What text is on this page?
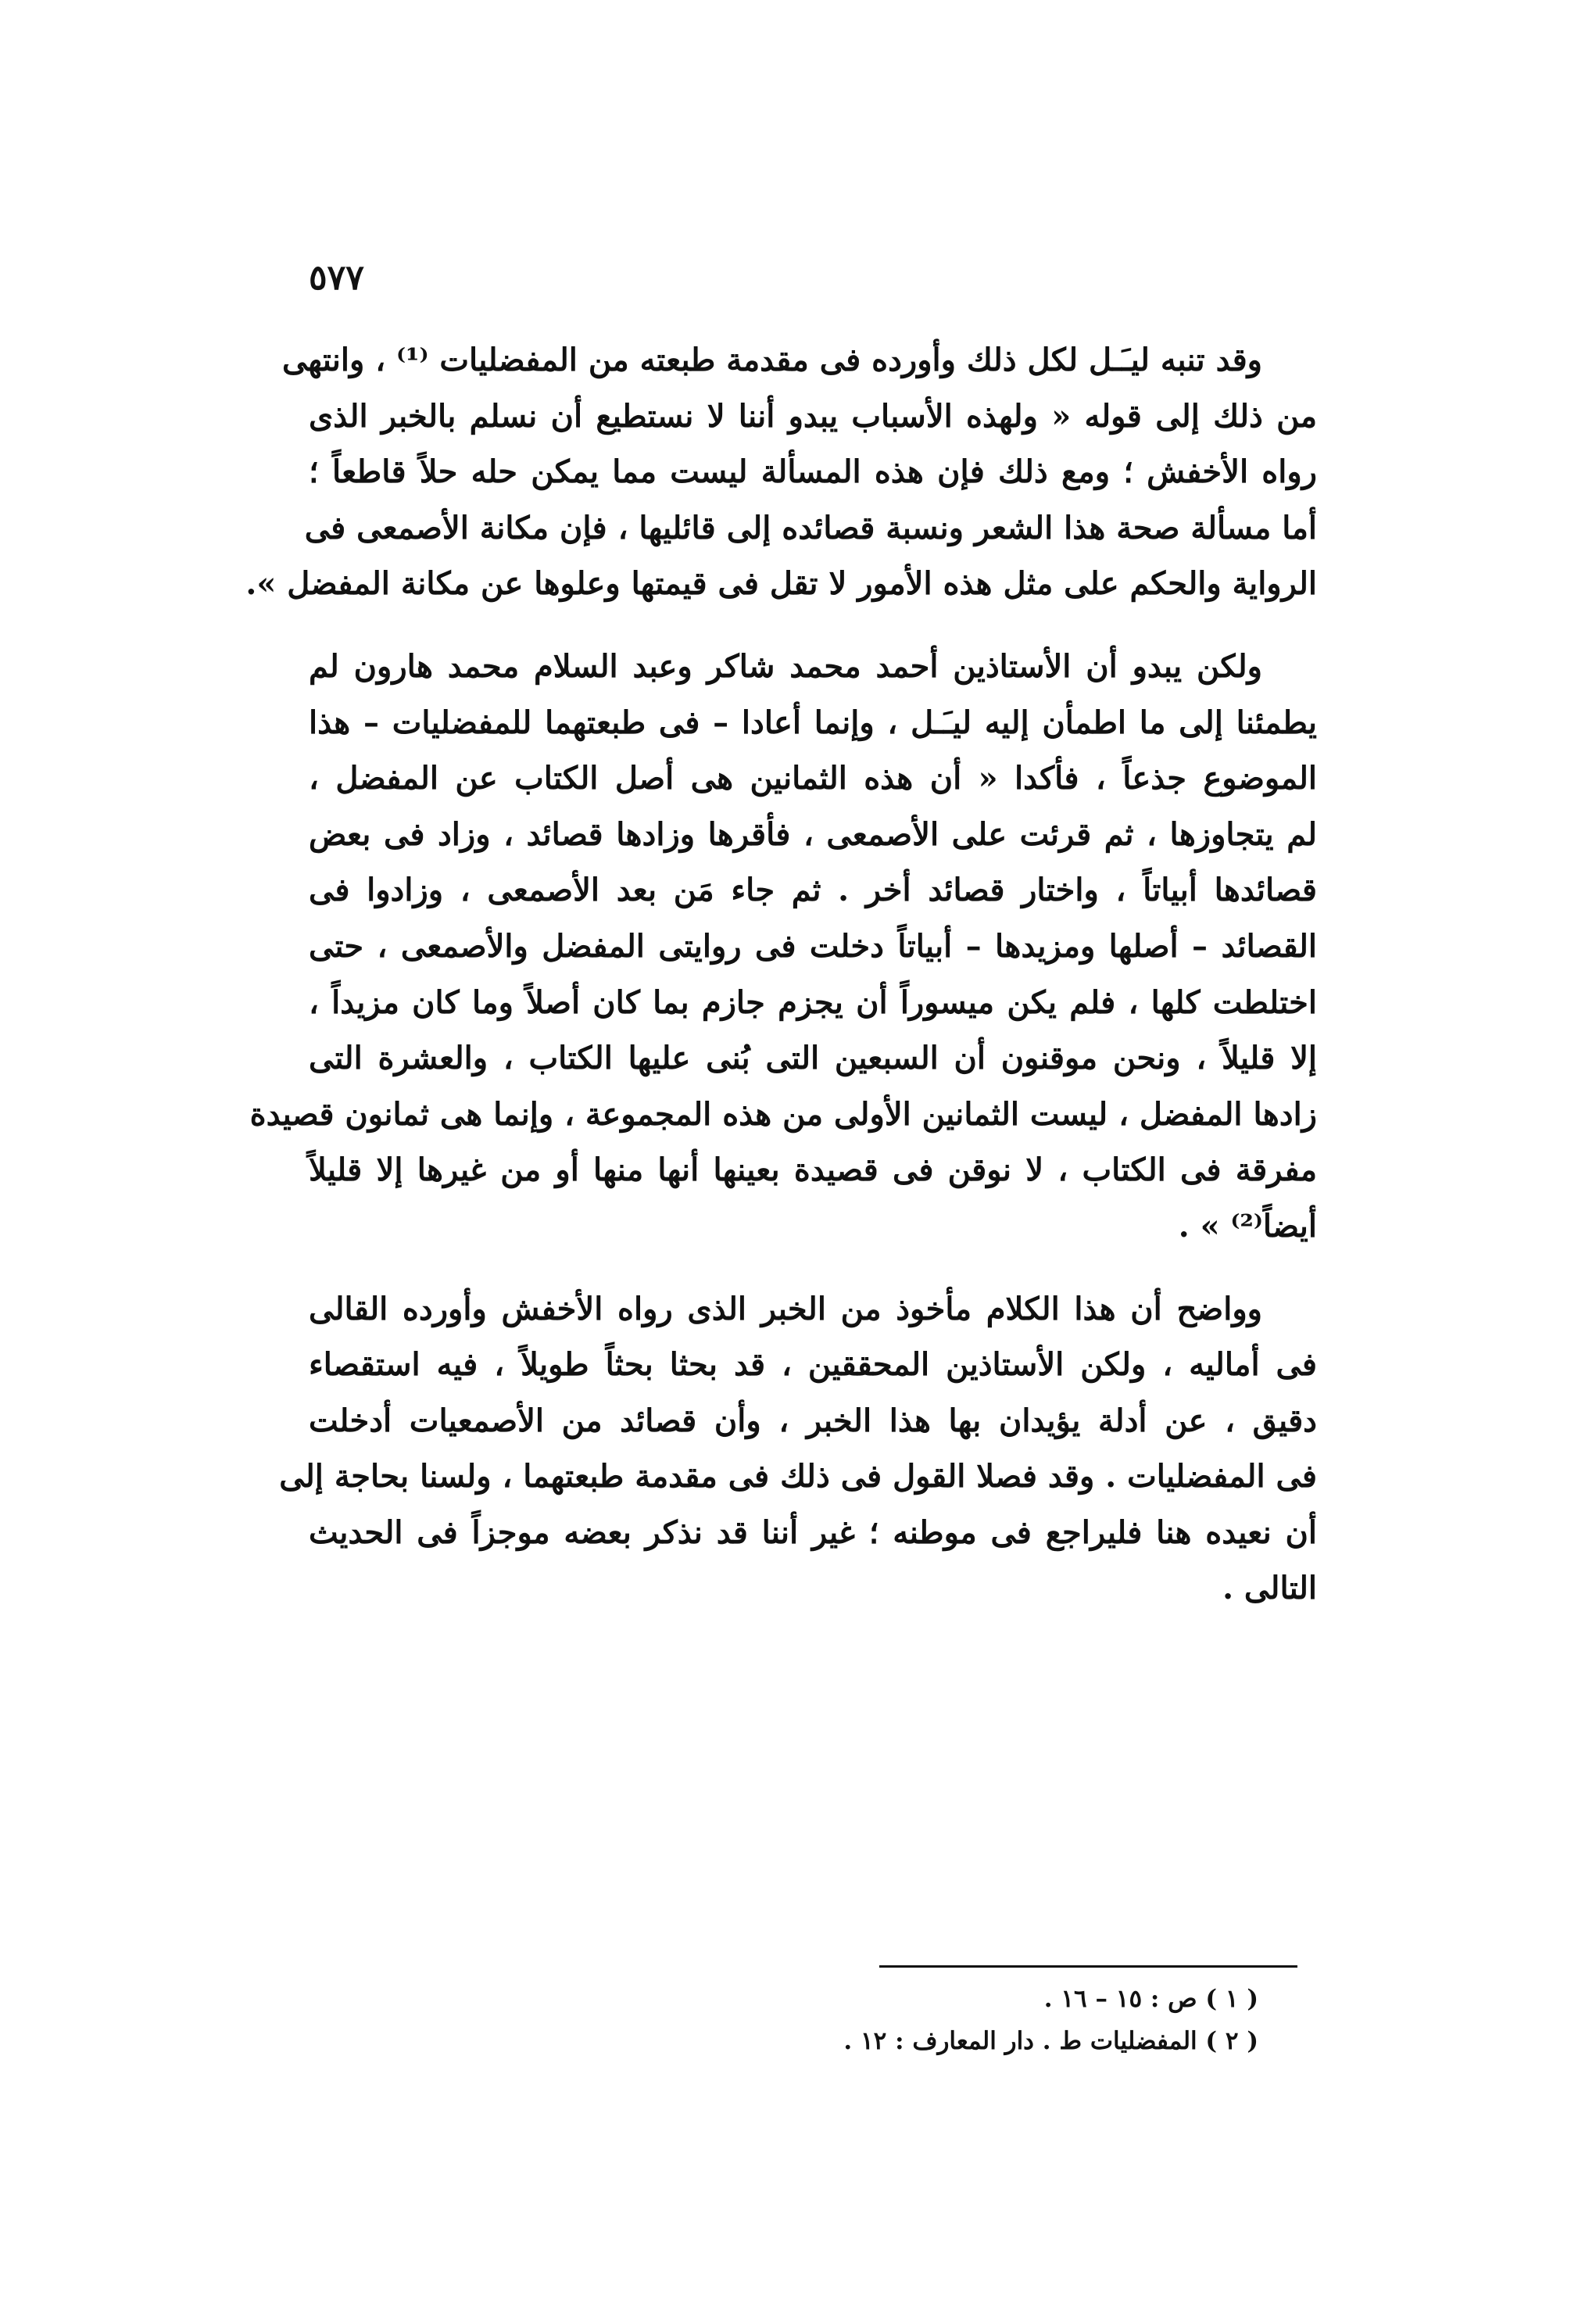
٥٧٧
وقد تنبه ليـَـل لكل ذلك وأورده فى مقدمة طبعته من المفضليات ⁽¹⁾ ، وانتهى
من ذلك إلى قوله « ولهذه الأسباب يبدو أننا لا نستطيع أن نسلم بالخبر الذى
رواه الأخفش ؛ ومع ذلك فإن هذه المسألة ليست مما يمكن حله حلاً قاطعاً ؛
أما مسألة صحة هذا الشعر ونسبة قصائده إلى قائليها ، فإن مكانة الأصمعى فى
الرواية والحكم على مثل هذه الأمور لا تقل فى قيمتها وعلوها عن مكانة المفضل ».
ولكن يبدو أن الأستاذين أحمد محمد شاكر وعبد السلام محمد هارون لم
يطمئنا إلى ما اطمأن إليه ليـَـل ، وإنما أعادا – فى طبعتهما للمفضليات – هذا
الموضوع جذعاً ، فأكدا « أن هذه الثمانين هى أصل الكتاب عن المفضل ،
لم يتجاوزها ، ثم قرئت على الأصمعى ، فأقرها وزادها قصائد ، وزاد فى بعض
قصائدها أبياتاً ، واختار قصائد أخر . ثم جاء مَن بعد الأصمعى ، وزادوا فى
القصائد – أصلها ومزيدها – أبياتاً دخلت فى روايتى المفضل والأصمعى ، حتى
اختلطت كلها ، فلم يكن ميسوراً أن يجزم جازم بما كان أصلاً وما كان مزيداً ،
إلا قليلاً ، ونحن موقنون أن السبعين التى بُنى عليها الكتاب ، والعشرة التى
زادها المفضل ، ليست الثمانين الأولى من هذه المجموعة ، وإنما هى ثمانون قصيدة
مفرقة فى الكتاب ، لا نوقن فى قصيدة بعينها أنها منها أو من غيرها إلا قليلاً
أيضاً⁽²⁾ » .
وواضح أن هذا الكلام مأخوذ من الخبر الذى رواه الأخفش وأورده القالى
فى أماليه ، ولكن الأستاذين المحققين ، قد بحثا بحثاً طويلاً ، فيه استقصاء
دقيق ، عن أدلة يؤيدان بها هذا الخبر ، وأن قصائد من الأصمعيات أدخلت
فى المفضليات . وقد فصلا القول فى ذلك فى مقدمة طبعتهما ، ولسنا بحاجة إلى
أن نعيده هنا فليراجع فى موطنه ؛ غير أننا قد نذكر بعضه موجزاً فى الحديث
التالى .
( ١ ) ص : ١٥ – ١٦ .
( ٢ ) المفضليات ط . دار المعارف : ١٢ .
